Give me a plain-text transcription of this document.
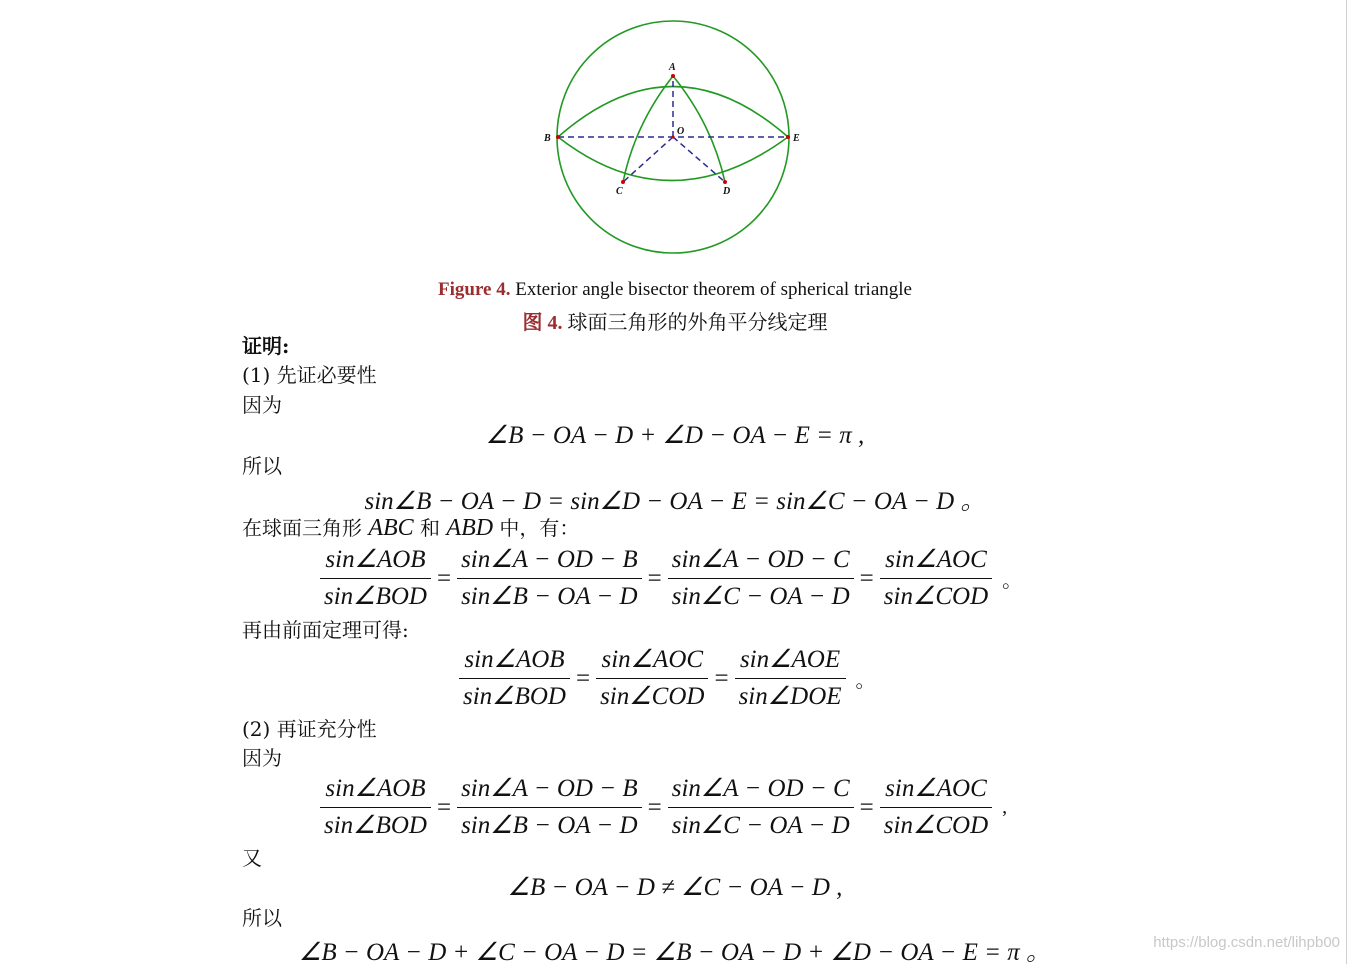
A
B	E
O
C	D
Figure 4. Exterior angle bisector theorem of spherical triangle
图 4. 球面三角形的外角平分线定理
证明:
(1) 先证必要性
因为
∠B − OA − D + ∠D − OA − E = π ,
所以
sin∠B − OA − D = sin∠D − OA − E = sin∠C − OA − D 。
在球面三角形 ABC 和 ABD 中，有：
$\frac{\text{sin∠AOB}}{\text{sin∠BOD}} = \frac{\sin\angle A - OD - B}{\sin\angle B - OA - D} = \frac{\sin\angle A - OD - C}{\sin\angle C - OA - D} = \frac{\text{sin∠AOC}}{\text{sin∠COD}}$ 。
再由前面定理可得:
$\frac{\text{sin∠AOB}}{\text{sin∠BOD}} = \frac{\text{sin∠AOC}}{\text{sin∠COD}} = \frac{\text{sin∠AOE}}{\text{sin∠DOE}}$ 。
(2) 再证充分性
因为
$\frac{\text{sin∠AOB}}{\text{sin∠BOD}} = \frac{\sin\angle A - OD - B}{\sin\angle B - OA - D} = \frac{\sin\angle A - OD - C}{\sin\angle C - OA - D} = \frac{\text{sin∠AOC}}{\text{sin∠COD}}$ ,
又
∠B − OA − D ≠ ∠C − OA − D ,
所以
∠B − OA − D + ∠C − OA − D = ∠B − OA − D + ∠D − OA − E = π 。	https://blog.csdn.net/lihpb00
